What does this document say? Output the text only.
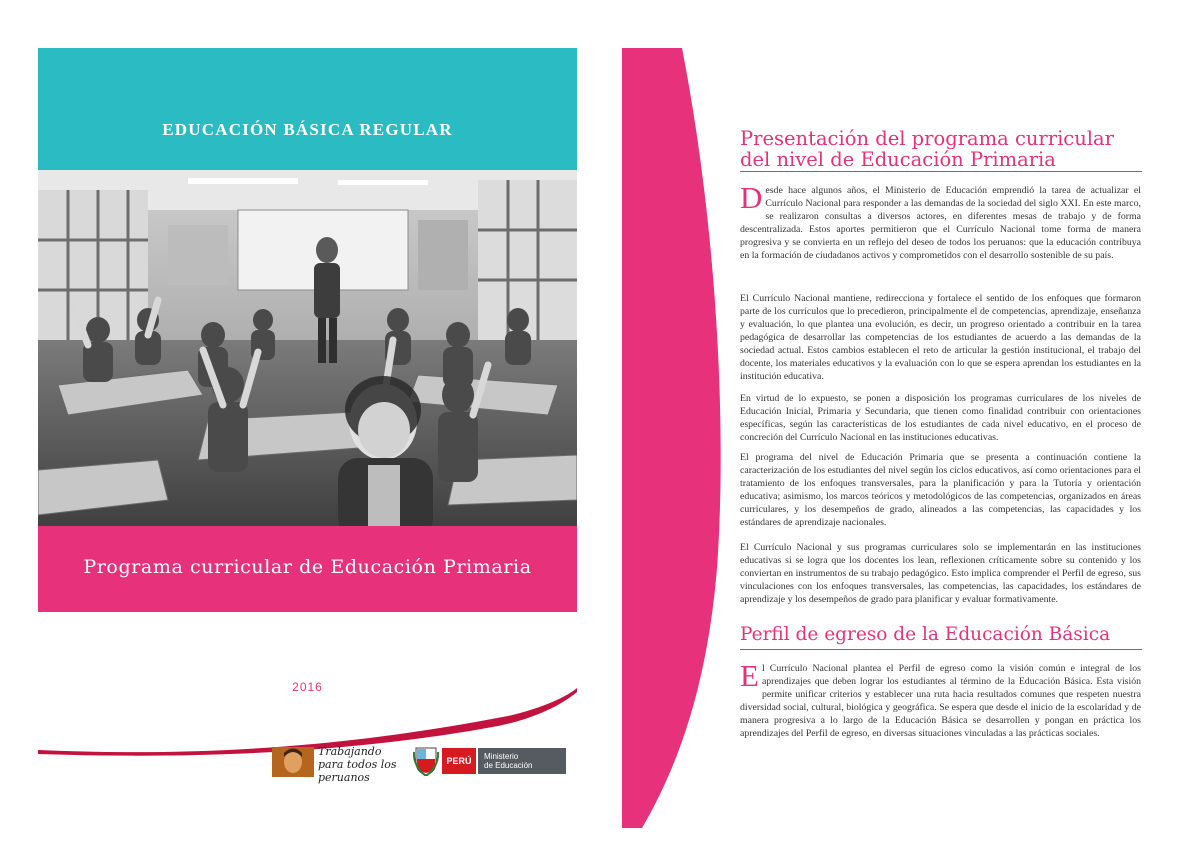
EDUCACIÓN BÁSICA REGULAR
Programa curricular de Educación Primaria
2016
Trabajando para todos los peruanos
PERÚ	Ministerio
de Educación
Presentación del programa curricular del nivel de Educación Primaria

Desde hace algunos años, el Ministerio de Educación emprendió la tarea de actualizar el Currículo Nacional para responder a las demandas de la sociedad del siglo XXI. En este marco, se realizaron consultas a diversos actores, en diferentes mesas de trabajo y de forma descentralizada. Estos aportes permitieron que el Currículo Nacional tome forma de manera progresiva y se convierta en un reflejo del deseo de todos los peruanos: que la educación contribuya en la formación de ciudadanos activos y comprometidos con el desarrollo sostenible de su país.

El Currículo Nacional mantiene, redirecciona y fortalece el sentido de los enfoques que formaron parte de los currículos que lo precedieron, principalmente el de competencias, aprendizaje, enseñanza y evaluación, lo que plantea una evolución, es decir, un progreso orientado a contribuir en la tarea pedagógica de desarrollar las competencias de los estudiantes de acuerdo a las demandas de la sociedad actual. Estos cambios establecen el reto de articular la gestión institucional, el trabajo del docente, los materiales educativos y la evaluación con lo que se espera aprendan los estudiantes en la institución educativa.

En virtud de lo expuesto, se ponen a disposición los programas curriculares de los niveles de Educación Inicial, Primaria y Secundaria, que tienen como finalidad contribuir con orientaciones específicas, según las características de los estudiantes de cada nivel educativo, en el proceso de concreción del Currículo Nacional en las instituciones educativas.

El programa del nivel de Educación Primaria que se presenta a continuación contiene la caracterización de los estudiantes del nivel según los ciclos educativos, así como orientaciones para el tratamiento de los enfoques transversales, para la planificación y para la Tutoría y orientación educativa; asimismo, los marcos teóricos y metodológicos de las competencias, organizados en áreas curriculares, y los desempeños de grado, alineados a las competencias, las capacidades y los estándares de aprendizaje nacionales.

El Currículo Nacional y sus programas curriculares solo se implementarán en las instituciones educativas si se logra que los docentes los lean, reflexionen críticamente sobre su contenido y los conviertan en instrumentos de su trabajo pedagógico. Esto implica comprender el Perfil de egreso, sus vinculaciones con los enfoques transversales, las competencias, las capacidades, los estándares de aprendizaje y los desempeños de grado para planificar y evaluar formativamente.

Perfil de egreso de la Educación Básica

El Currículo Nacional plantea el Perfil de egreso como la visión común e integral de los aprendizajes que deben lograr los estudiantes al término de la Educación Básica. Esta visión permite unificar criterios y establecer una ruta hacia resultados comunes que respeten nuestra diversidad social, cultural, biológica y geográfica. Se espera que desde el inicio de la escolaridad y de manera progresiva a lo largo de la Educación Básica se desarrollen y pongan en práctica los aprendizajes del Perfil de egreso, en diversas situaciones vinculadas a las prácticas sociales.
